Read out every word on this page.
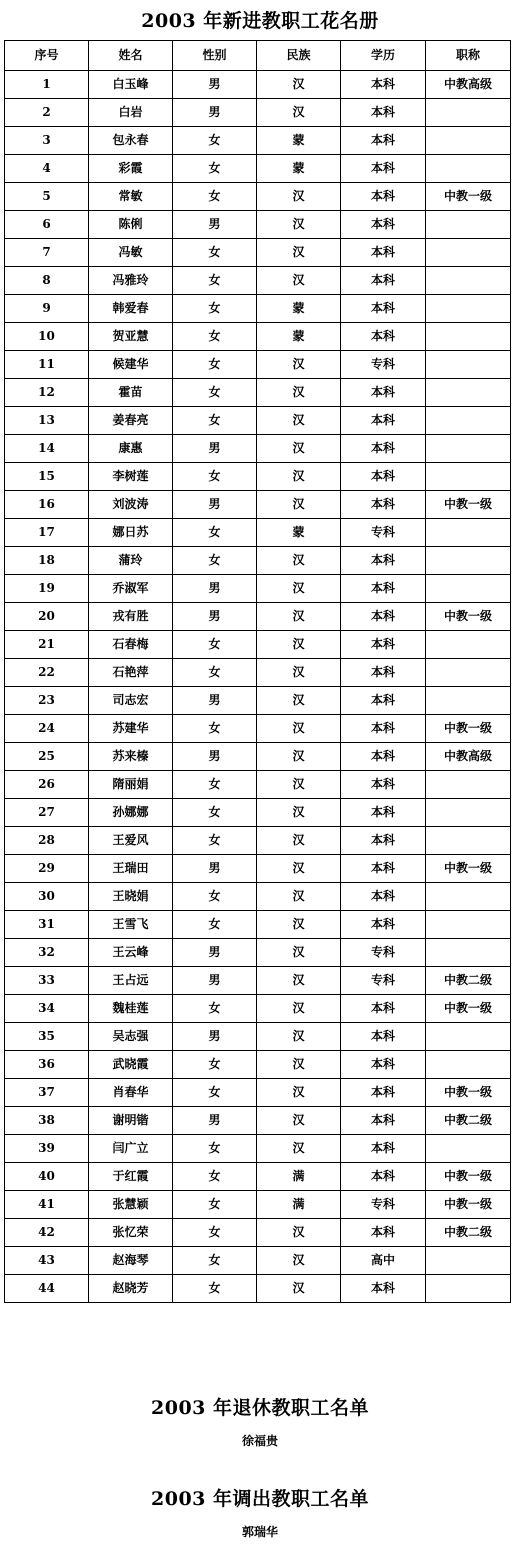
2003 年新进教职工花名册
序号	姓名	性别	民族	学历	职称
1	白玉峰	男	汉	本科	中教高级
2	白岩	男	汉	本科	
3	包永春	女	蒙	本科	
4	彩霞	女	蒙	本科	
5	常敏	女	汉	本科	中教一级
6	陈俐	男	汉	本科	
7	冯敏	女	汉	本科	
8	冯雅玲	女	汉	本科	
9	韩爱春	女	蒙	本科	
10	贺亚慧	女	蒙	本科	
11	候建华	女	汉	专科	
12	霍苗	女	汉	本科	
13	姜春亮	女	汉	本科	
14	康惠	男	汉	本科	
15	李树莲	女	汉	本科	
16	刘波涛	男	汉	本科	中教一级
17	娜日苏	女	蒙	专科	
18	蒲玲	女	汉	本科	
19	乔淑军	男	汉	本科	
20	戎有胜	男	汉	本科	中教一级
21	石春梅	女	汉	本科	
22	石艳萍	女	汉	本科	
23	司志宏	男	汉	本科	
24	苏建华	女	汉	本科	中教一级
25	苏来榛	男	汉	本科	中教高级
26	隋丽娟	女	汉	本科	
27	孙娜娜	女	汉	本科	
28	王爱风	女	汉	本科	
29	王瑞田	男	汉	本科	中教一级
30	王晓娟	女	汉	本科	
31	王雪飞	女	汉	本科	
32	王云峰	男	汉	专科	
33	王占远	男	汉	专科	中教二级
34	魏桂莲	女	汉	本科	中教一级
35	吴志强	男	汉	本科	
36	武晓霞	女	汉	本科	
37	肖春华	女	汉	本科	中教一级
38	谢明锴	男	汉	本科	中教二级
39	闫广立	女	汉	本科	
40	于红霞	女	满	本科	中教一级
41	张慧颖	女	满	专科	中教一级
42	张忆荣	女	汉	本科	中教二级
43	赵海琴	女	汉	高中	
44	赵晓芳	女	汉	本科	
2003 年退休教职工名单
徐福贵
2003 年调出教职工名单
郭瑞华
